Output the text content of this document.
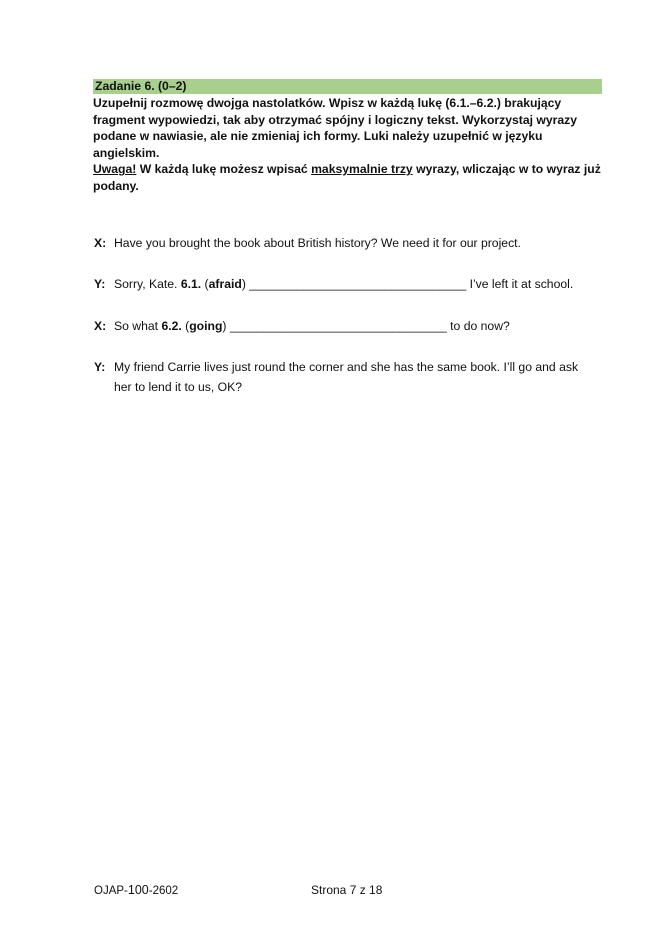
Zadanie 6. (0–2)
Uzupełnij rozmowę dwojga nastolatków. Wpisz w każdą lukę (6.1.–6.2.) brakujący fragment wypowiedzi, tak aby otrzymać spójny i logiczny tekst. Wykorzystaj wyrazy podane w nawiasie, ale nie zmieniaj ich formy. Luki należy uzupełnić w języku angielskim.
Uwaga! W każdą lukę możesz wpisać maksymalnie trzy wyrazy, wliczając w to wyraz już podany.
X: Have you brought the book about British history? We need it for our project.
Y: Sorry, Kate. 6.1. (afraid) ________________________________ I’ve left it at school.
X: So what 6.2. (going) ________________________________ to do now?
Y: My friend Carrie lives just round the corner and she has the same book. I’ll go and ask her to lend it to us, OK?
OJAP-100-2602	Strona 7 z 18
